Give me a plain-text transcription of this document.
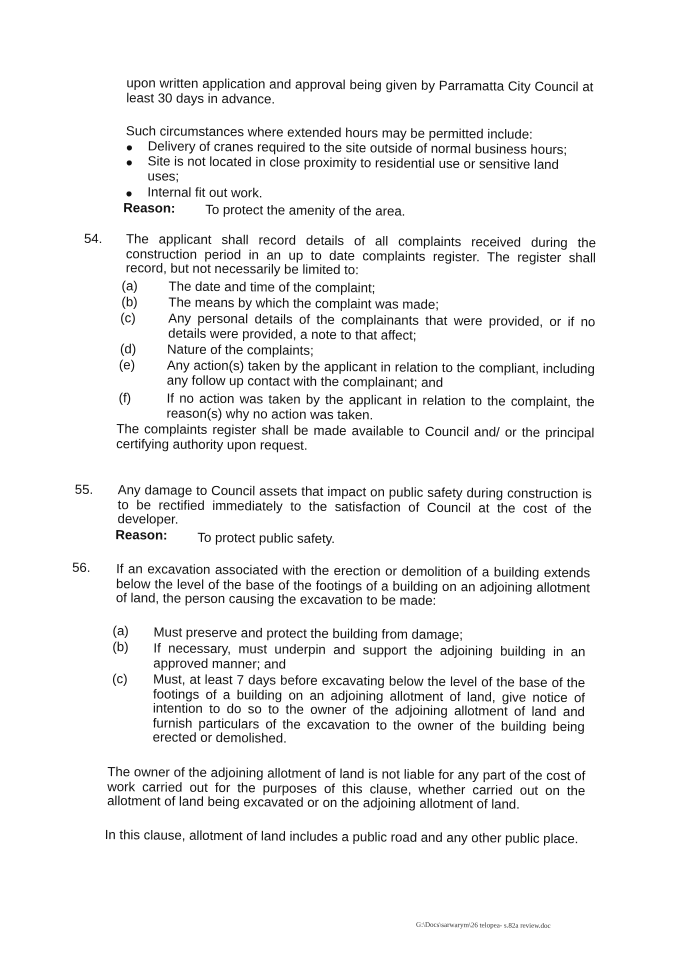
upon written application and approval being given by Parramatta City Council at least 30 days in advance.
Such circumstances where extended hours may be permitted include:
● Delivery of cranes required to the site outside of normal business hours;
● Site is not located in close proximity to residential use or sensitive land uses;
● Internal fit out work.
Reason: To protect the amenity of the area.
54. The applicant shall record details of all complaints received during the construction period in an up to date complaints register. The register shall record, but not necessarily be limited to:
(a) The date and time of the complaint;
(b) The means by which the complaint was made;
(c) Any personal details of the complainants that were provided, or if no details were provided, a note to that affect;
(d) Nature of the complaints;
(e) Any action(s) taken by the applicant in relation to the compliant, including any follow up contact with the complainant; and
(f)	If no action was taken by the applicant in relation to the complaint, the reason(s) why no action was taken.
The complaints register shall be made available to Council and/ or the principal certifying authority upon request.
55. Any damage to Council assets that impact on public safety during construction is to be rectified immediately to the satisfaction of Council at the cost of the developer.
Reason: To protect public safety.
56. If an excavation associated with the erection or demolition of a building extends below the level of the base of the footings of a building on an adjoining allotment of land, the person causing the excavation to be made:
(a) Must preserve and protect the building from damage;
(b) If necessary, must underpin and support the adjoining building in an approved manner; and
(c) Must, at least 7 days before excavating below the level of the base of the footings of a building on an adjoining allotment of land, give notice of intention to do so to the owner of the adjoining allotment of land and furnish particulars of the excavation to the owner of the building being erected or demolished.
The owner of the adjoining allotment of land is not liable for any part of the cost of work carried out for the purposes of this clause, whether carried out on the allotment of land being excavated or on the adjoining allotment of land.
In this clause, allotment of land includes a public road and any other public place.
G:\Docs\sarwarym\26 telopea- s.82a review.doc
